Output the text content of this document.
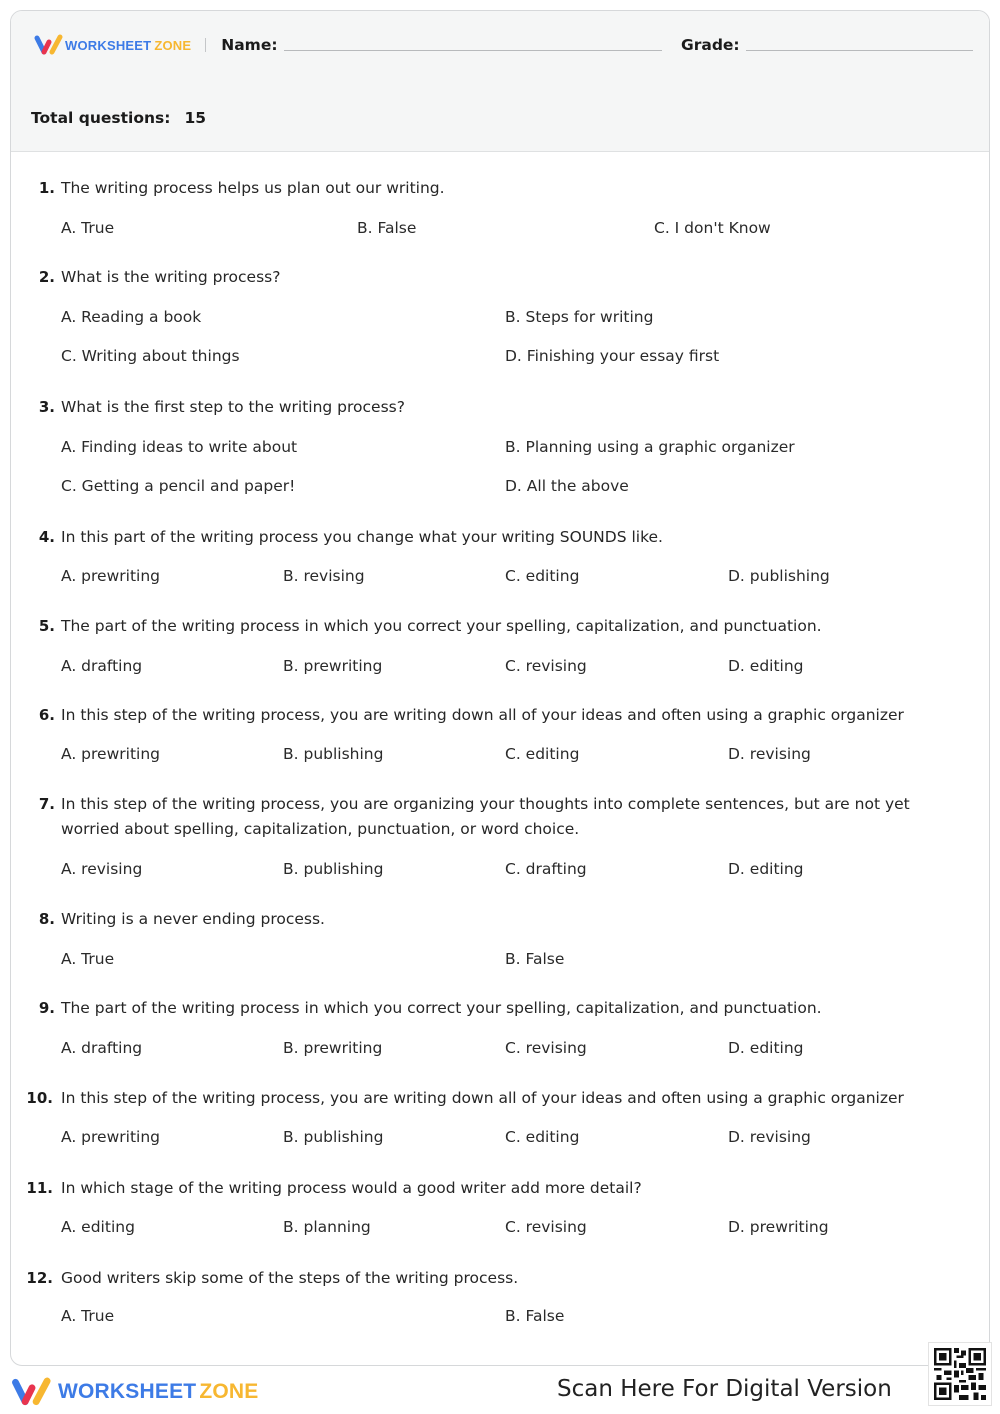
WORKSHEET ZONE Name:	Grade:
Total questions: 15
1. The writing process helps us plan out our writing.
A. True	B. False	C. I don't Know
2. What is the writing process?
A. Reading a book	B. Steps for writing
C. Writing about things	D. Finishing your essay first
3. What is the first step to the writing process?
A. Finding ideas to write about	B. Planning using a graphic organizer
C. Getting a pencil and paper!	D. All the above
4. In this part of the writing process you change what your writing SOUNDS like.
A. prewriting	B. revising	C. editing	D. publishing
5. The part of the writing process in which you correct your spelling, capitalization, and punctuation.
A. drafting	B. prewriting	C. revising	D. editing
6. In this step of the writing process, you are writing down all of your ideas and often using a graphic organizer
A. prewriting	B. publishing	C. editing	D. revising
7. In this step of the writing process, you are organizing your thoughts into complete sentences, but are not yet
worried about spelling, capitalization, punctuation, or word choice.
A. revising	B. publishing	C. drafting	D. editing
8. Writing is a never ending process.
A. True	B. False
9. The part of the writing process in which you correct your spelling, capitalization, and punctuation.
A. drafting	B. prewriting	C. revising	D. editing
10. In this step of the writing process, you are writing down all of your ideas and often using a graphic organizer
A. prewriting	B. publishing	C. editing	D. revising
11. In which stage of the writing process would a good writer add more detail?
A. editing	B. planning	C. revising	D. prewriting
12. Good writers skip some of the steps of the writing process.
A. True	B. False
WORKSHEET ZONE	Scan Here For Digital Version
